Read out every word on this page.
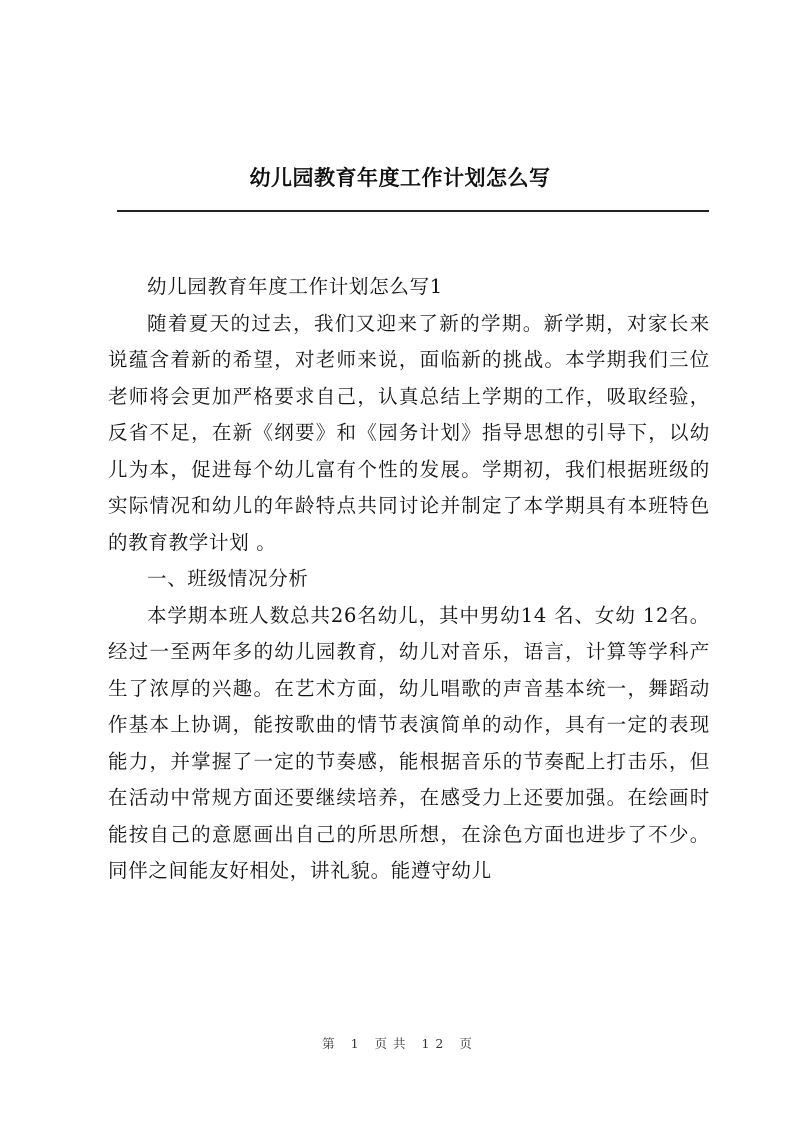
幼儿园教育年度工作计划怎么写

幼儿园教育年度工作计划怎么写1

随着夏天的过去，我们又迎来了新的学期。新学期，对家长来说蕴含着新的希望，对老师来说，面临新的挑战。本学期我们三位老师将会更加严格要求自己，认真总结上学期的工作，吸取经验，反省不足，在新《纲要》和《园务计划》指导思想的引导下，以幼儿为本，促进每个幼儿富有个性的发展。学期初，我们根据班级的实际情况和幼儿的年龄特点共同讨论并制定了本学期具有本班特色的教育教学计划 。

一、班级情况分析

本学期本班人数总共26名幼儿，其中男幼14 名、女幼 12名。经过一至两年多的幼儿园教育，幼儿对音乐，语言，计算等学科产生了浓厚的兴趣。在艺术方面，幼儿唱歌的声音基本统一，舞蹈动作基本上协调，能按歌曲的情节表演简单的动作，具有一定的表现能力，并掌握了一定的节奏感，能根据音乐的节奏配上打击乐，但在活动中常规方面还要继续培养，在感受力上还要加强。在绘画时能按自己的意愿画出自己的所思所想，在涂色方面也进步了不少。同伴之间能友好相处，讲礼貌。能遵守幼儿

第 1 页共 12 页
